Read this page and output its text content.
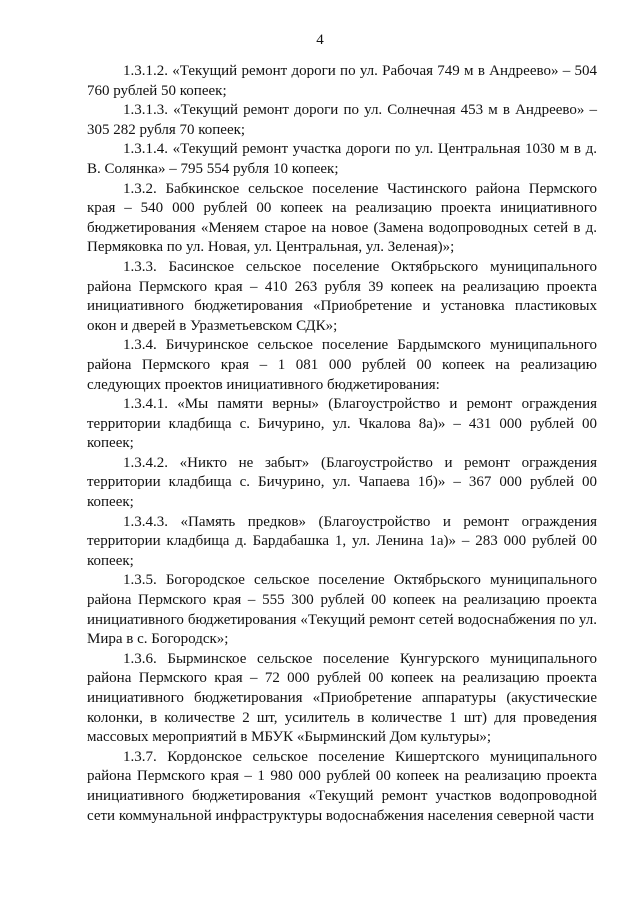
4

1.3.1.2. «Текущий ремонт дороги по ул. Рабочая 749 м в Андреево» – 504 760 рублей 50 копеек;

1.3.1.3. «Текущий ремонт дороги по ул. Солнечная 453 м в Андреево» – 305 282 рубля 70 копеек;

1.3.1.4. «Текущий ремонт участка дороги по ул. Центральная 1030 м в д. В. Солянка» – 795 554 рубля 10 копеек;

1.3.2. Бабкинское сельское поселение Частинского района Пермского края – 540 000 рублей 00 копеек на реализацию проекта инициативного бюджетирования «Меняем старое на новое (Замена водопроводных сетей в д. Пермяковка по ул. Новая, ул. Центральная, ул. Зеленая)»;

1.3.3. Басинское сельское поселение Октябрьского муниципального района Пермского края – 410 263 рубля 39 копеек на реализацию проекта инициативного бюджетирования «Приобретение и установка пластиковых окон и дверей в Уразметьевском СДК»;

1.3.4. Бичуринское сельское поселение Бардымского муниципального района Пермского края – 1 081 000 рублей 00 копеек на реализацию следующих проектов инициативного бюджетирования:

1.3.4.1. «Мы памяти верны» (Благоустройство и ремонт ограждения территории кладбища с. Бичурино, ул. Чкалова 8а)» – 431 000 рублей 00 копеек;

1.3.4.2. «Никто не забыт» (Благоустройство и ремонт ограждения территории кладбища с. Бичурино, ул. Чапаева 1б)» – 367 000 рублей 00 копеек;

1.3.4.3. «Память предков» (Благоустройство и ремонт ограждения территории кладбища д. Бардабашка 1, ул. Ленина 1а)» – 283 000 рублей 00 копеек;

1.3.5. Богородское сельское поселение Октябрьского муниципального района Пермского края – 555 300 рублей 00 копеек на реализацию проекта инициативного бюджетирования «Текущий ремонт сетей водоснабжения по ул. Мира в с. Богородск»;

1.3.6. Бырминское сельское поселение Кунгурского муниципального района Пермского края – 72 000 рублей 00 копеек на реализацию проекта инициативного бюджетирования «Приобретение аппаратуры (акустические колонки, в количестве 2 шт, усилитель в количестве 1 шт) для проведения массовых мероприятий в МБУК «Бырминский Дом культуры»;

1.3.7. Кордонское сельское поселение Кишертского муниципального района Пермского края – 1 980 000 рублей 00 копеек на реализацию проекта инициативного бюджетирования «Текущий ремонт участков водопроводной сети коммунальной инфраструктуры водоснабжения населения северной части
